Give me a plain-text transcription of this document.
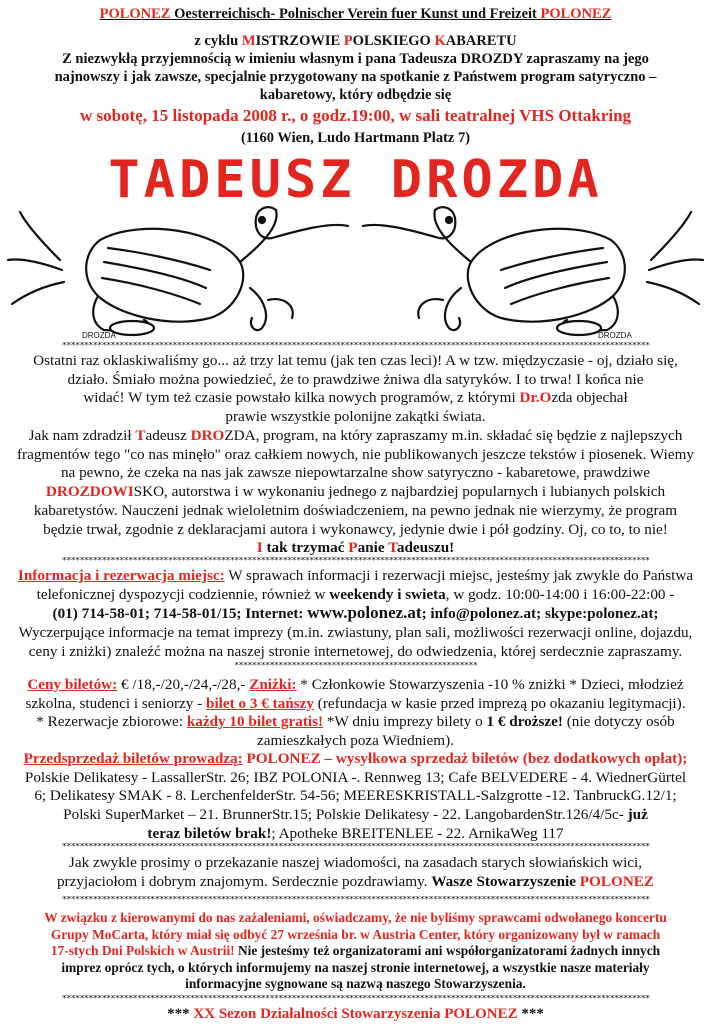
POLONEZ Oesterreichisch- Polnischer Verein fuer Kunst und Freizeit POLONEZ
z cyklu MISTRZOWIE POLSKIEGO KABARETU
Z niezwykłą przyjemnością w imieniu własnym i pana Tadeusza DROZDY zapraszamy na jego
najnowszy i jak zawsze, specjalnie przygotowany na spotkanie z Państwem program satyryczno –
kabaretowy, który odbędzie się
w sobotę, 15 listopada 2008 r., o godz.19:00, w sali teatralnej VHS Ottakring
(1160 Wien, Ludo Hartmann Platz 7)
TADEUSZ DROZDA
DROZDA	DROZDA
*************************************************************************************************************************************
Ostatni raz oklaskiwaliśmy go... aż trzy lat temu (jak ten czas leci)! A w tzw. międzyczasie - oj, działo się,
działo. Śmiało można powiedzieć, że to prawdziwe żniwa dla satyryków. I to trwa! I końca nie
widać! W tym też czasie powstało kilka nowych programów, z którymi Dr.Ozda objechał
prawie wszystkie polonijne zakątki świata.
Jak nam zdradził Tadeusz DROZDA, program, na który zapraszamy m.in. składać się będzie z najlepszych
fragmentów tego "co nas minęło" oraz całkiem nowych, nie publikowanych jeszcze tekstów i piosenek. Wiemy
na pewno, że czeka na nas jak zawsze niepowtarzalne show satyryczno - kabaretowe, prawdziwe
DROZDOWISKO, autorstwa i w wykonaniu jednego z najbardziej popularnych i lubianych polskich
kabaretystów. Nauczeni jednak wieloletnim doświadczeniem, na pewno jednak nie wierzymy, że program
będzie trwał, zgodnie z deklaracjami autora i wykonawcy, jedynie dwie i pół godziny. Oj, co to, to nie!
I tak trzymać Panie Tadeuszu!
*************************************************************************************************************************************
Informacja i rezerwacja miejsc: W sprawach informacji i rezerwacji miejsc, jesteśmy jak zwykle do Państwa
telefonicznej dyspozycji codziennie, również w weekendy i swieta, w godz. 10:00-14:00 i 16:00-22:00 -
(01) 714-58-01; 714-58-01/15; Internet: www.polonez.at; info@polonez.at; skype:polonez.at;
Wyczerpujące informacje na temat imprezy (m.in. zwiastuny, plan sali, możliwości rezerwacji online, dojazdu,
ceny i zniżki) znaleźć można na naszej stronie internetowej, do odwiedzenia, której serdecznie zapraszamy.
*******************************************************
Ceny biletów: € /18,-/20,-/24,-/28,- Zniżki: * Członkowie Stowarzyszenia -10 % zniżki * Dzieci, młodzież
szkolna, studenci i seniorzy - bilet o 3 € tańszy (refundacja w kasie przed imprezą po okazaniu legitymacji).
* Rezerwacje zbiorowe: każdy 10 bilet gratis! *W dniu imprezy bilety o 1 € droższe! (nie dotyczy osób
zamieszkałych poza Wiedniem).
Przedsprzedaż biletów prowadzą: POLONEZ – wysyłkowa sprzedaż biletów (bez dodatkowych opłat);
Polskie Delikatesy - LassallerStr. 26; IBZ POLONIA -. Rennweg 13; Cafe BELVEDERE - 4. WiednerGürtel
6; Delikatesy SMAK - 8. LerchenfelderStr. 54-56; MEERESKRISTALL-Salzgrotte -12. TanbruckG.12/1;
Polski SuperMarket – 21. BrunnerStr.15; Polskie Delikatesy - 22. LangobardenStr.126/4/5c- już
teraz biletów brak!; Apotheke BREITENLEE - 22. ArnikaWeg 117
*************************************************************************************************************************************
Jak zwykle prosimy o przekazanie naszej wiadomości, na zasadach starych słowiańskich wici,
przyjaciołom i dobrym znajomym. Serdecznie pozdrawiamy. Wasze Stowarzyszenie POLONEZ
*************************************************************************************************************************************
W związku z kierowanymi do nas zażaleniami, oświadczamy, że nie byliśmy sprawcami odwołanego koncertu
Grupy MoCarta, który miał się odbyć 27 września br. w Austria Center, który organizowany był w ramach
17-stych Dni Polskich w Austrii! Nie jesteśmy też organizatorami ani współorganizatorami żadnych innych
imprez oprócz tych, o których informujemy na naszej stronie internetowej, a wszystkie nasze materiały
informacyjne sygnowane są nazwą naszego Stowarzyszenia.
*************************************************************************************************************************************
*** XX Sezon Działalności Stowarzyszenia POLONEZ ***
